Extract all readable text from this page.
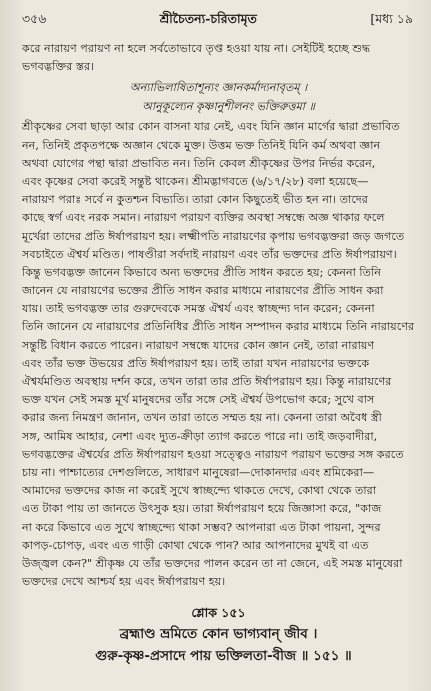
৩৫৬	শ্রীচৈতন্য-চরিতামৃত	[মধ্য ১৯
করে নারায়ণ পরায়ণ না হলে সর্বতোভাবে তৃপ্ত হওয়া যায় না। সেইটিই হচ্ছে শুদ্ধ
ভগবদ্ভক্তির স্তর।
অন্যাভিলাষিতাশূন্যং জ্ঞানকর্মাদ্যনাবৃতম্ ।
আনুকূল্যেন কৃষ্ণানুশীলনং ভক্তিরুত্তমা ॥
শ্রীকৃষ্ণের সেবা ছাড়া আর কোন বাসনা যার নেই, এবং যিনি জ্ঞান মার্গের দ্বারা প্রভাবিত
নন, তিনিই প্রকৃতপক্ষে অজ্ঞান থেকে মুক্ত। উত্তম ভক্ত তিনিই যিনি কর্ম অথবা জ্ঞান
অথবা যোগের পন্থা দ্বারা প্রভাবিত নন। তিনি কেবল শ্রীকৃষ্ণের উপর নির্ভর করেন,
এবং কৃষ্ণের সেবা করেই সন্তুষ্ট থাকেন। শ্রীমদ্ভাগবতে (৬/১৭/২৮) বলা হয়েছে—
নারায়ণ পরাঃ সর্বে ন কুতশ্চন বিভ্যতি। তারা কোন কিছুতেই ভীত হন না। তাদের
কাছে স্বর্গ এবং নরক সমান। নারায়ণ পরায়ণ ব্যক্তির অবস্থা সম্বন্ধে অজ্ঞ থাকার ফলে
মূর্খেরা তাদের প্রতি ঈর্ষাপরায়ণ হয়। লক্ষ্মীপতি নারায়ণের কৃপায় ভগবদ্ভক্তরা জড় জগতে
সবচাইতে ঐশ্বর্য মণ্ডিত। পাষণ্ডীরা সর্বদাই নারায়ণ এবং তাঁর ভক্তদের প্রতি ঈর্ষাপরায়ণ।
কিন্তু ভগবদ্ভক্ত জানেন কিভাবে অন্য ভক্তদের প্রীতি সাধন করতে হয়; কেননা তিনি
জানেন যে নারায়ণের ভক্তের প্রীতি সাধন করার মাধ্যমে নারায়ণের প্রীতি সাধন করা
যায়। তাই ভগবদ্ভক্ত তার গুরুদেবকে সমস্ত ঐশ্বর্য এবং স্বাচ্ছন্দ্য দান করেন; কেননা
তিনি জানেন যে নারায়ণের প্রতিনিধির প্রীতি সাধন সম্পাদন করার মাধ্যমে তিনি নারায়ণের
সন্তুষ্টি বিধান করতে পারেন। নারায়ণ সম্বন্ধে যাদের কোন জ্ঞান নেই, তারা নারায়ণ
এবং তাঁর ভক্ত উভয়ের প্রতি ঈর্ষাপরায়ণ হয়। তাই তারা যখন নারায়ণের ভক্তকে
ঐশ্বর্যমণ্ডিত অবস্থায় দর্শন করে, তখন তারা তার প্রতি ঈর্ষাপরায়ণ হয়। কিন্তু নারায়ণের
ভক্ত যখন সেই সমস্ত মূর্খ মানুষদের তাঁর সঙ্গে সেই ঐশ্বর্য উপভোগ করে; সুখে বাস
করার জন্য নিমন্ত্রণ জানান, তখন তারা তাতে সম্মত হয় না। কেননা তারা অবৈধ স্ত্রী
সঙ্গ, আমিষ আহার, নেশা এবং দ্যুত-ক্রীড়া ত্যাগ করতে পারে না। তাই জড়বাদীরা,
ভগবদ্ভক্তের ঐশ্বর্যের প্রতি ঈর্ষাপরায়ণ হওয়া সত্ত্বেও নারায়ণ পরায়ণ ভক্তের সঙ্গ করতে
চায় না। পাশ্চাত্যের দেশগুলিতে, সাধারণ মানুষেরা—দোকানদার এবং শ্রমিকেরা—
আমাদের ভক্তদের কাজ না করেই সুখে স্বাচ্ছন্দ্যে থাকতে দেখে, কোথা থেকে তারা
এত টাকা পায় তা জানতে উৎসুক হয়। তারা ঈর্ষাপরায়ণ হয়ে জিজ্ঞাসা করে, "কাজ
না করে কিভাবে এত সুখে স্বাচ্ছন্দ্যে থাকা সম্ভব? আপনারা এত টাকা পায়না, সুন্দর
কাপড়-চোপড়, এবং এত গাড়ী কোথা থেকে পান? আর আপনাদের মুখই বা এত
উজ্জ্বল কেন?" শ্রীকৃষ্ণ যে তাঁর ভক্তদের পালন করেন তা না জেনে, এই সমস্ত মানুষেরা
ভক্তদের দেখে আশ্চর্য হয় এবং ঈর্ষাপরায়ণ হয়।
শ্লোক ১৫১
ব্রহ্মাণ্ড ভ্রমিতে কোন ভাগ্যবান্ জীব ।
গুরু-কৃষ্ণ-প্রসাদে পায় ভক্তিলতা-বীজ ॥ ১৫১ ॥
